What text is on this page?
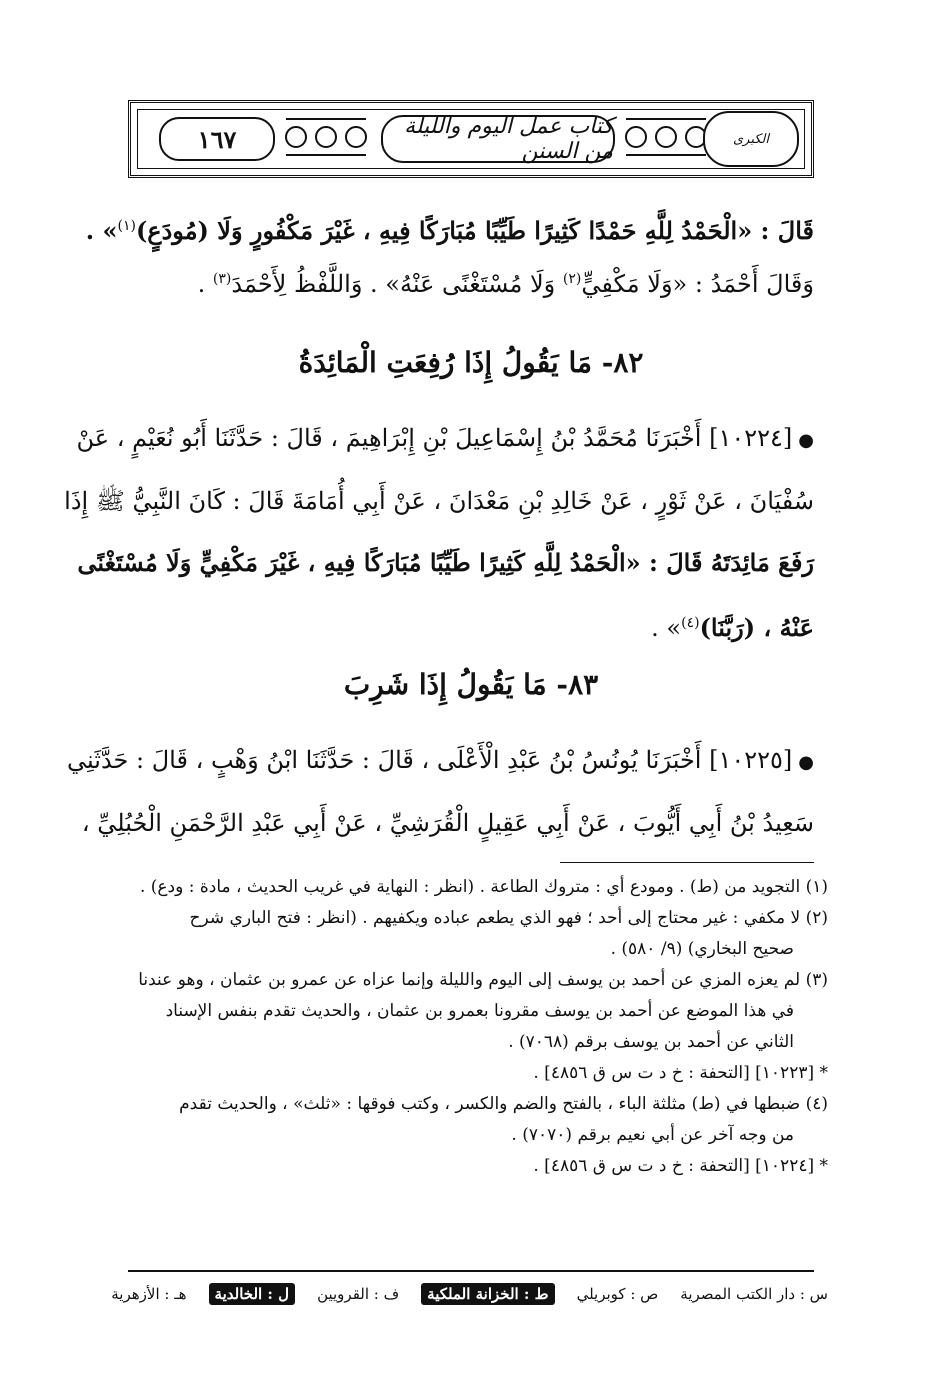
الكبرى
كتاب عمل اليوم والليلة من السنن
١٦٧
قَالَ : «الْحَمْدُ لِلَّهِ حَمْدًا كَثِيرًا طَيِّبًا مُبَارَكًا فِيهِ ، غَيْرَ مَكْفُورٍ وَلَا (مُودَعٍ)$^{(١)}$» .
وَقَالَ أَحْمَدُ : «وَلَا مَكْفِيٍّ$^{(٢)}$ وَلَا مُسْتَغْنًى عَنْهُ» . وَاللَّفْظُ لِأَحْمَدَ$^{(٣)}$ .
٨٢- مَا يَقُولُ إِذَا رُفِعَتِ الْمَائِدَةُ
●[١٠٢٢٤] أَخْبَرَنَا مُحَمَّدُ بْنُ إِسْمَاعِيلَ بْنِ إِبْرَاهِيمَ ، قَالَ : حَدَّثَنَا أَبُو نُعَيْمٍ ، عَنْ
سُفْيَانَ ، عَنْ ثَوْرٍ ، عَنْ خَالِدِ بْنِ مَعْدَانَ ، عَنْ أَبِي أُمَامَةَ قَالَ : كَانَ النَّبِيُّ ﷺ إِذَا
رَفَعَ مَائِدَتَهُ قَالَ : «الْحَمْدُ لِلَّهِ كَثِيرًا طَيِّبًا مُبَارَكًا فِيهِ ، غَيْرَ مَكْفِيٍّ وَلَا مُسْتَغْنًى
عَنْهُ ، (رَبَّنَا)$^{(٤)}$» .
٨٣- مَا يَقُولُ إِذَا شَرِبَ
●[١٠٢٢٥] أَخْبَرَنَا يُونُسُ بْنُ عَبْدِ الْأَعْلَى ، قَالَ : حَدَّثَنَا ابْنُ وَهْبٍ ، قَالَ : حَدَّثَنِي
سَعِيدُ بْنُ أَبِي أَيُّوبَ ، عَنْ أَبِي عَقِيلٍ الْقُرَشِيِّ ، عَنْ أَبِي عَبْدِ الرَّحْمَنِ الْحُبُلِيِّ ،
(١) التجويد من (ط) . ومودع أي : متروك الطاعة . (انظر : النهاية في غريب الحديث ، مادة : ودع) .
(٢) لا مكفي : غير محتاج إلى أحد ؛ فهو الذي يطعم عباده ويكفيهم . (انظر : فتح الباري شرح
صحيح البخاري) (٩/ ٥٨٠) .
(٣) لم يعزه المزي عن أحمد بن يوسف إلى اليوم والليلة وإنما عزاه عن عمرو بن عثمان ، وهو عندنا
في هذا الموضع عن أحمد بن يوسف مقرونا بعمرو بن عثمان ، والحديث تقدم بنفس الإسناد
الثاني عن أحمد بن يوسف برقم (٧٠٦٨) .
* [١٠٢٢٣] [التحفة : خ د ت س ق ٤٨٥٦] .
(٤) ضبطها في (ط) مثلثة الباء ، بالفتح والضم والكسر ، وكتب فوقها : «ثلث» ، والحديث تقدم
من وجه آخر عن أبي نعيم برقم (٧٠٧٠) .
* [١٠٢٢٤] [التحفة : خ د ت س ق ٤٨٥٦] .
س : دار الكتب المصرية
ص : كوبريلي
ط : الخزانة الملكية
ف : القرويين
ل : الخالدية
هـ : الأزهرية
